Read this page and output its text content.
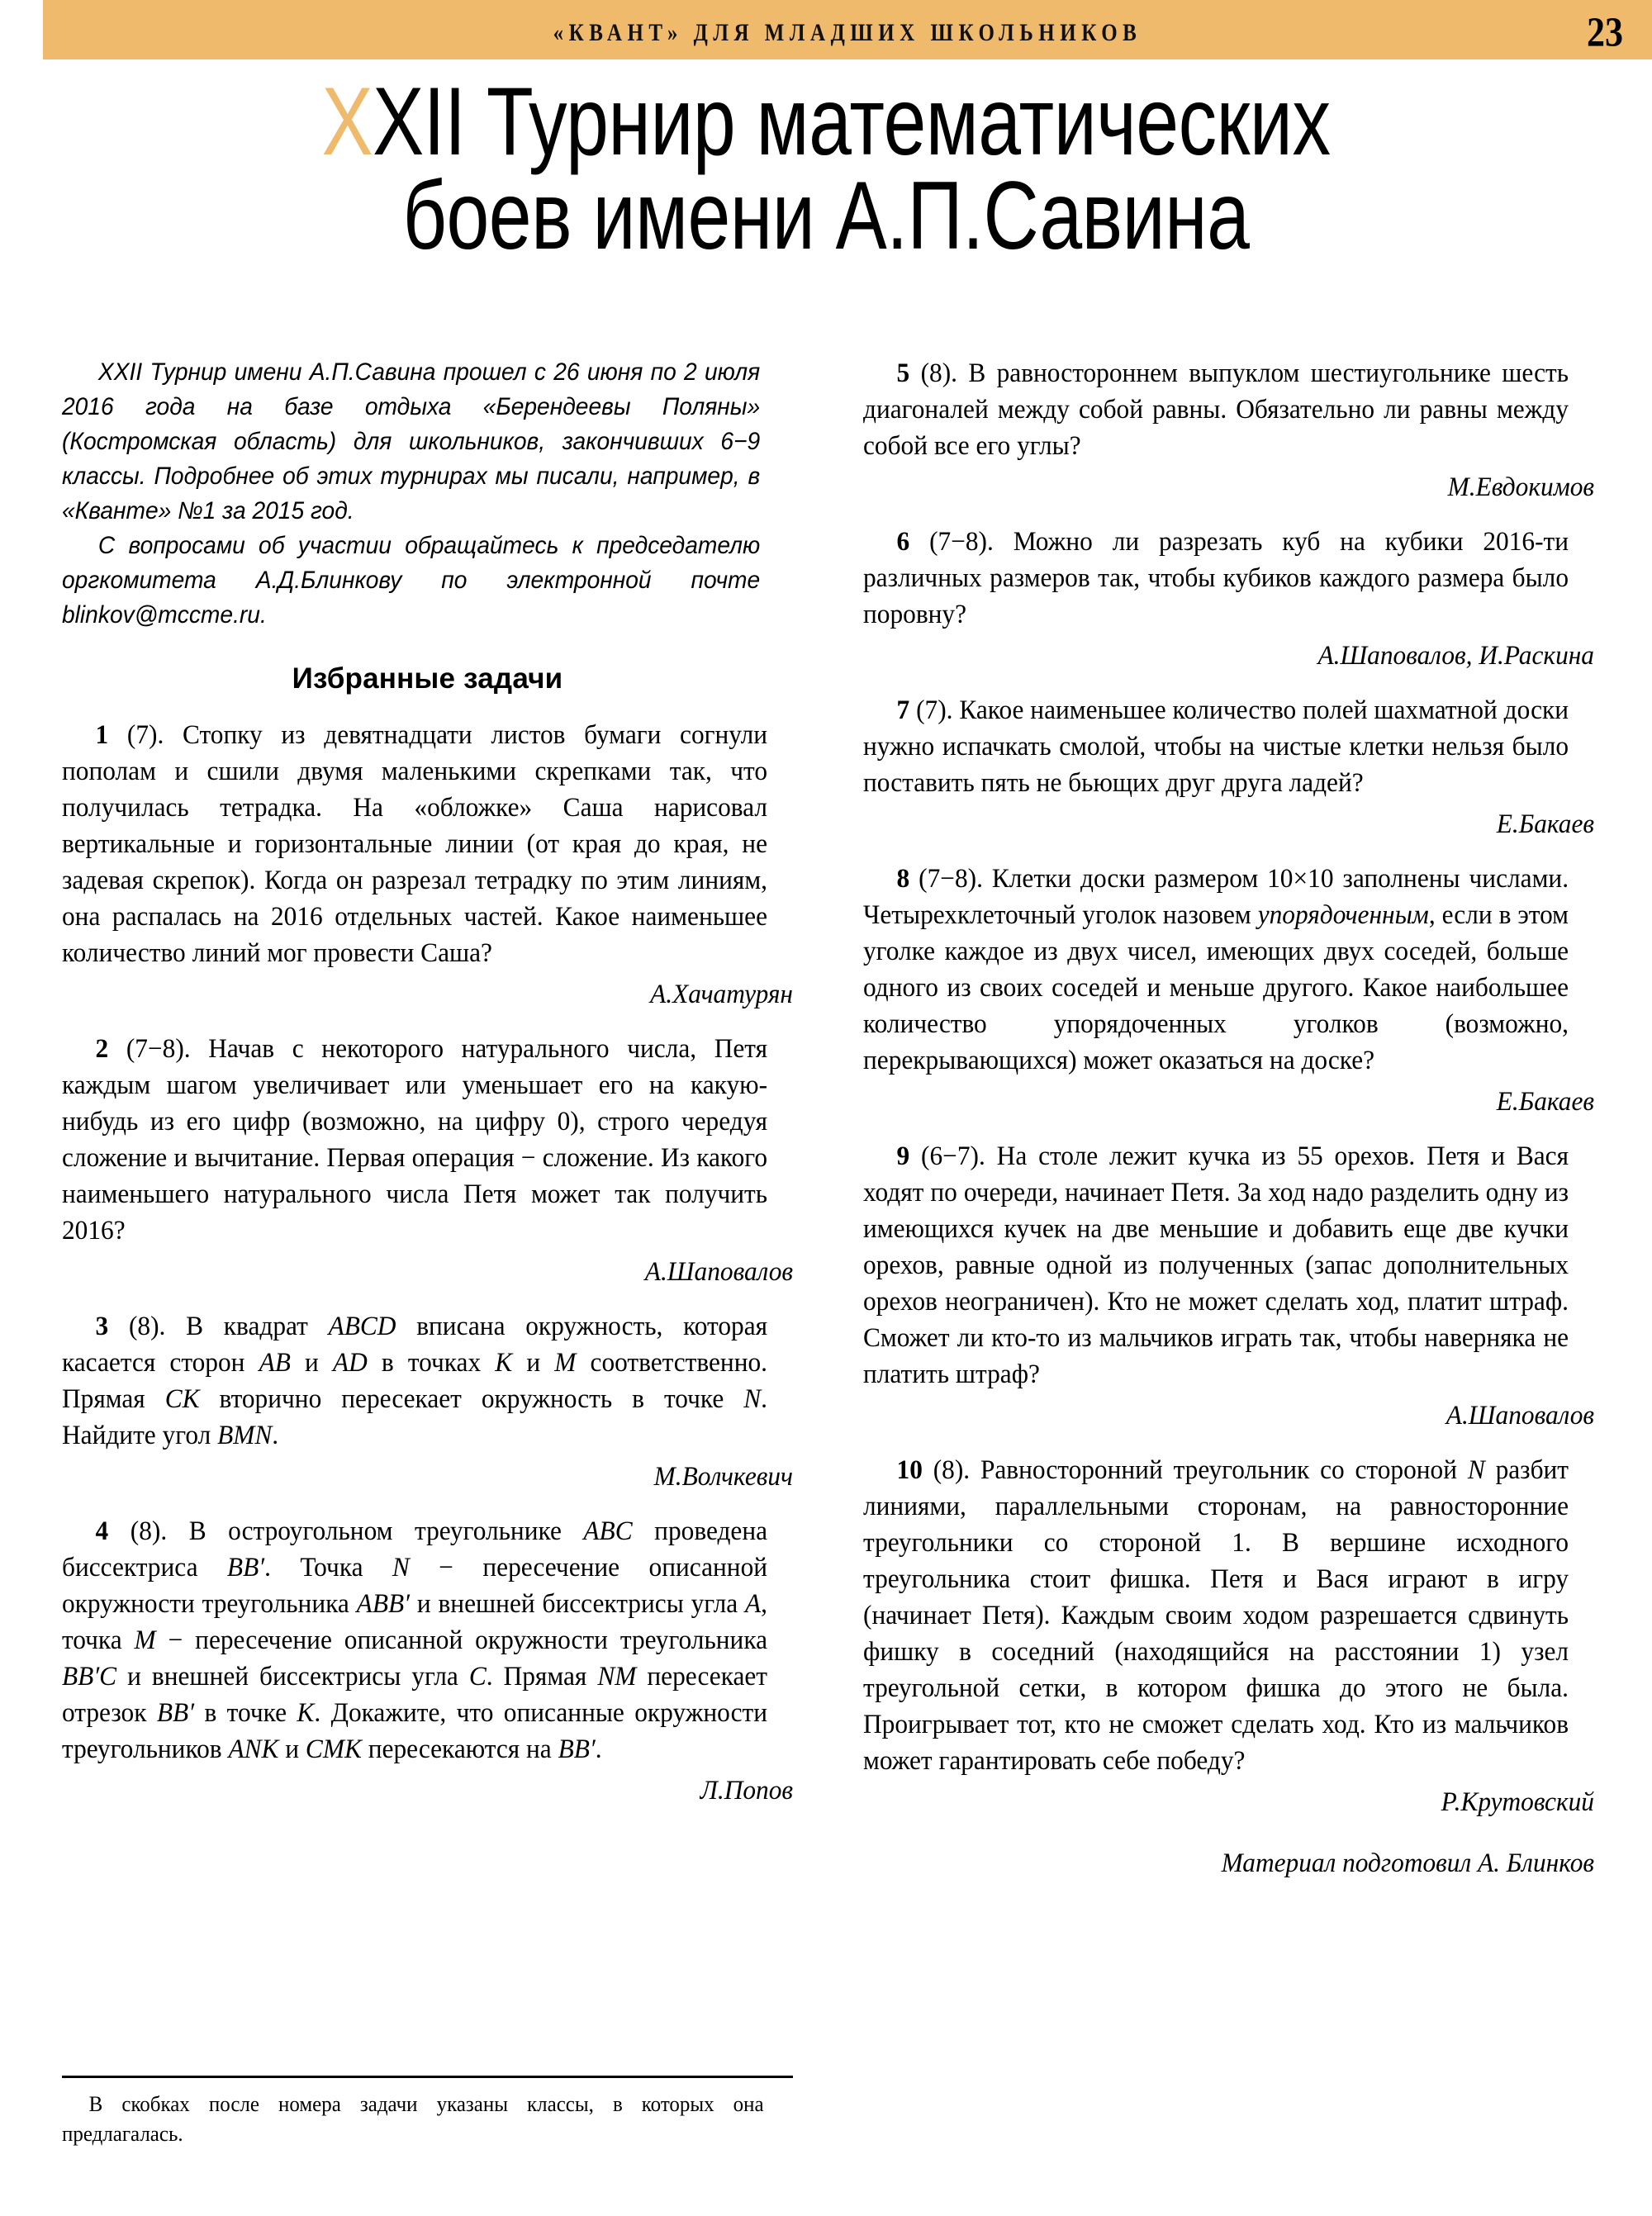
«КВАНТ» ДЛЯ МЛАДШИХ ШКОЛЬНИКОВ	23
XXII Турнир математических
боев имени А.П.Савина

XXII Турнир имени А.П.Савина прошел с 26 июня по 2 июля 2016 года на базе отдыха «Берендеевы Поляны» (Костромская область) для школьников, закончивших 6−9 классы. Подробнее об этих турнирах мы писали, например, в «Кванте» №1 за 2015 год.

С вопросами об участии обращайтесь к председателю оргкомитета А.Д.Блинкову по электронной почте blinkov@mccme.ru.

Избранные задачи

1 (7). Стопку из девятнадцати листов бумаги согнули пополам и сшили двумя маленькими скрепками так, что получилась тетрадка. На «обложке» Саша нарисовал вертикальные и горизонтальные линии (от края до края, не задевая скрепок). Когда он разрезал тетрадку по этим линиям, она распалась на 2016 отдельных частей. Какое наименьшее количество линий мог провести Саша?

А.Хачатурян

2 (7−8). Начав с некоторого натурального числа, Петя каждым шагом увеличивает или уменьшает его на какую-нибудь из его цифр (возможно, на цифру 0), строго чередуя сложение и вычитание. Первая операция − сложение. Из какого наименьшего натурального числа Петя может так получить 2016?

А.Шаповалов

3 (8). В квадрат ABCD вписана окружность, которая касается сторон AB и AD в точках K и M соответственно. Прямая CK вторично пересекает окружность в точке N. Найдите угол BMN.

М.Волчкевич

4 (8). В остроугольном треугольнике ABC проведена биссектриса BB′. Точка N − пересечение описанной окружности треугольника ABB′ и внешней биссектрисы угла A, точка M − пересечение описанной окружности треугольника BB′C и внешней биссектрисы угла C. Прямая NM пересекает отрезок BB′ в точке K. Докажите, что описанные окружности треугольников ANK и CMK пересекаются на BB′.

Л.Попов

5 (8). В равностороннем выпуклом шестиугольнике шесть диагоналей между собой равны. Обязательно ли равны между собой все его углы?

М.Евдокимов

6 (7−8). Можно ли разрезать куб на кубики 2016-ти различных размеров так, чтобы кубиков каждого размера было поровну?

А.Шаповалов, И.Раскина

7 (7). Какое наименьшее количество полей шахматной доски нужно испачкать смолой, чтобы на чистые клетки нельзя было поставить пять не бьющих друг друга ладей?

Е.Бакаев

8 (7−8). Клетки доски размером 10×10 заполнены числами. Четырехклеточный уголок назовем упорядоченным, если в этом уголке каждое из двух чисел, имеющих двух соседей, больше одного из своих соседей и меньше другого. Какое наибольшее количество упорядоченных уголков (возможно, перекрывающихся) может оказаться на доске?

Е.Бакаев

9 (6−7). На столе лежит кучка из 55 орехов. Петя и Вася ходят по очереди, начинает Петя. За ход надо разделить одну из имеющихся кучек на две меньшие и добавить еще две кучки орехов, равные одной из полученных (запас дополнительных орехов неограничен). Кто не может сделать ход, платит штраф. Сможет ли кто-то из мальчиков играть так, чтобы наверняка не платить штраф?

А.Шаповалов

10 (8). Равносторонний треугольник со стороной N разбит линиями, параллельными сторонам, на равносторонние треугольники со стороной 1. В вершине исходного треугольника стоит фишка. Петя и Вася играют в игру (начинает Петя). Каждым своим ходом разрешается сдвинуть фишку в соседний (находящийся на расстоянии 1) узел треугольной сетки, в котором фишка до этого не была. Проигрывает тот, кто не сможет сделать ход. Кто из мальчиков может гарантировать себе победу?

Р.Крутовский

Материал подготовил А. Блинков

В скобках после номера задачи указаны классы, в которых она предлагалась.
